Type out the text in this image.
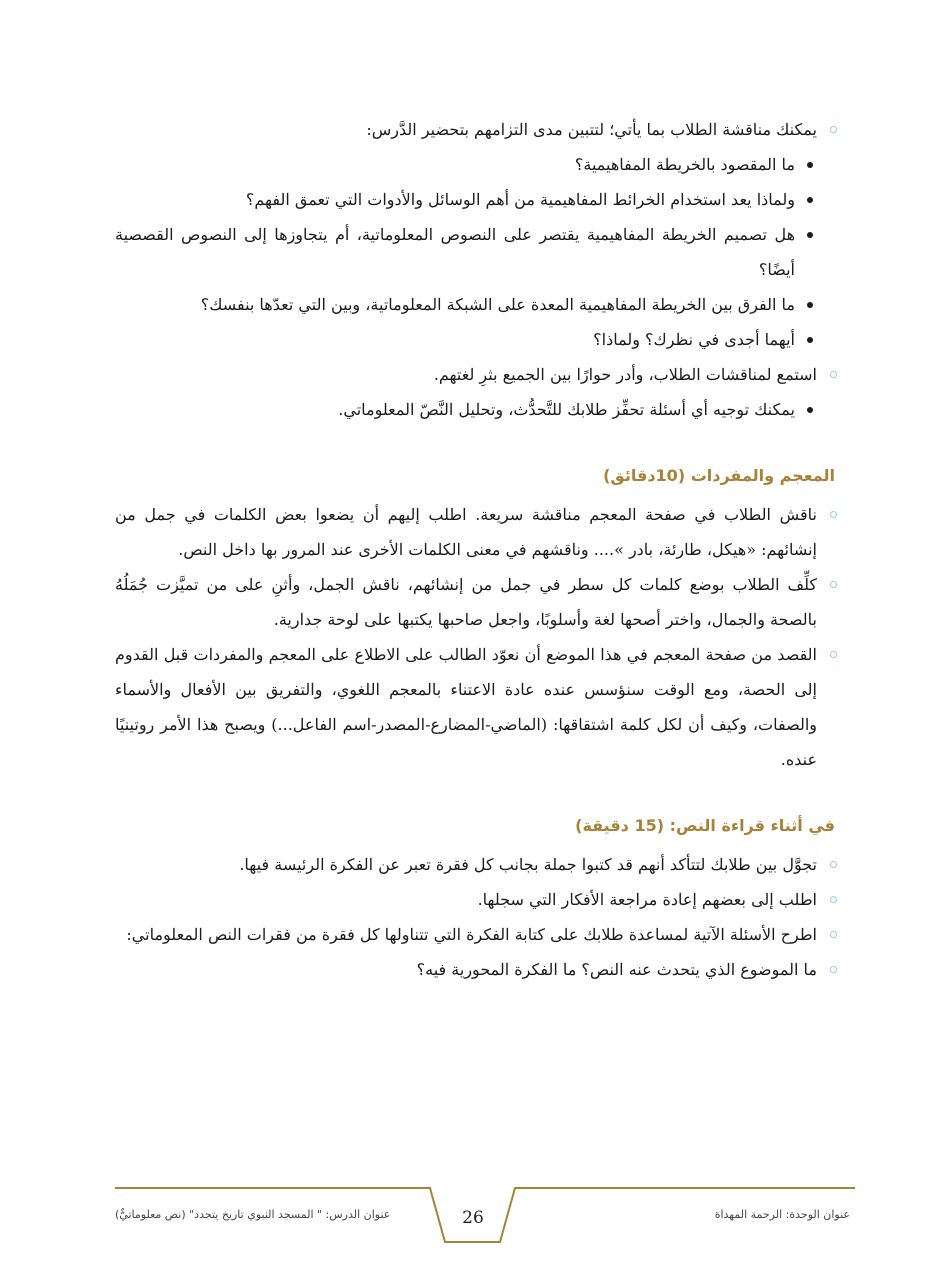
يمكنك مناقشة الطلاب بما يأتي؛ لتتبين مدى التزامهم بتحضير الدَّرس:
ما المقصود بالخريطة المفاهيمية؟
ولماذا يعد استخدام الخرائط المفاهيمية من أهم الوسائل والأدوات التي تعمق الفهم؟
هل تصميم الخريطة المفاهيمية يقتصر على النصوص المعلوماتية، أم يتجاوزها إلى النصوص القصصية أيضًا؟
ما الفرق بين الخريطة المفاهيمية المعدة على الشبكة المعلوماتية، وبين التي تعدّها بنفسك؟
أيهما أجدى في نظرك؟ ولماذا؟
استمع لمناقشات الطلاب، وأدر حوارًا بين الجميع بثرِ لغتهم.
يمكنك توجيه أي أسئلة تحفِّز طلابك للتَّحدُّث، وتحليل النَّصّ المعلوماتي.
المعجم والمفردات (10دقائق)
ناقش الطلاب في صفحة المعجم مناقشة سريعة. اطلب إليهم أن يضعوا بعض الكلمات في جمل من إنشائهم: «هيكل، طارئة، بادر ».... وناقشهم في معنى الكلمات الأخرى عند المرور بها داخل النص.
كلِّف الطلاب بوضع كلمات كل سطر في جمل من إنشائهم، ناقش الجمل، وأثنِ على من تميَّزت جُمَلُهُ بالصحة والجمال، واختر أصحها لغة وأسلوبًا، واجعل صاحبها يكتبها على لوحة جدارية.
القصد من صفحة المعجم في هذا الموضع أن نعوّد الطالب على الاطلاع على المعجم والمفردات قبل القدوم إلى الحصة، ومع الوقت سنؤسس عنده عادة الاعتناء بالمعجم اللغوي، والتفريق بين الأفعال والأسماء والصفات، وكيف أن لكل كلمة اشتقاقها: (الماضي-المضارع-المصدر-اسم الفاعل...) ويصبح هذا الأمر روتينيًا عنده.
في أثناء قراءة النص: (15 دقيقة)
تجوَّل بين طلابك لتتأكد أنهم قد كتبوا جملة بجانب كل فقرة تعبر عن الفكرة الرئيسة فيها.
اطلب إلى بعضهم إعادة مراجعة الأفكار التي سجلها.
اطرح الأسئلة الآتية لمساعدة طلابك على كتابة الفكرة التي تتناولها كل فقرة من فقرات النص المعلوماتي:
ما الموضوع الذي يتحدث عنه النص؟ ما الفكرة المحورية فيه؟
عنوان الوحدة: الرحمة المهداة
26
عنوان الدرس: " المسجد النبوي تاريخ يتجدد" (نص معلوماتيٌّ)
